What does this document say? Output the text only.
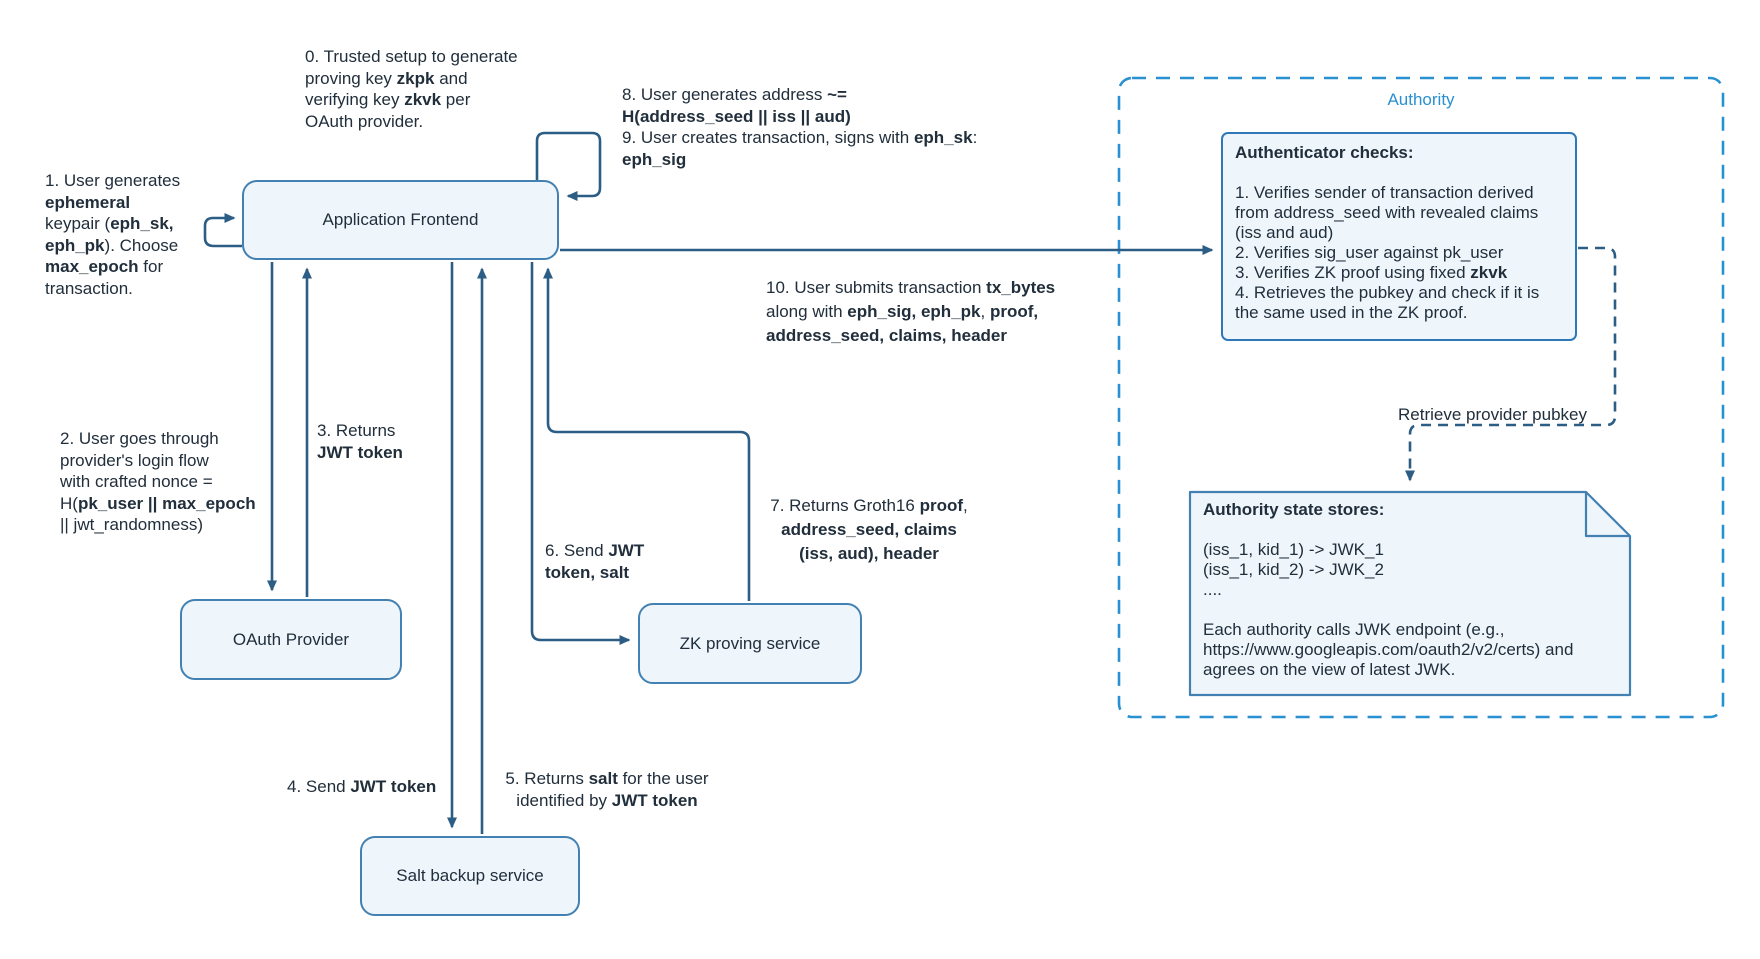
Application Frontend
OAuth Provider	ZK proving service
Salt backup service
Authority
Authenticator checks:
1. Verifies sender of transaction derived
from address_seed with revealed claims
(iss and aud)
2. Verifies sig_user against pk_user
3. Verifies ZK proof using fixed zkvk
4. Retrieves the pubkey and check if it is
the same used in the ZK proof.
Authority state stores:
(iss_1, kid_1) -> JWK_1
(iss_1, kid_2) -> JWK_2
....

Each authority calls JWK endpoint (e.g.,
https://www.googleapis.com/oauth2/v2/certs) and
agrees on the view of latest JWK.
Retrieve provider pubkey
0. Trusted setup to generate
proving key zkpk and
verifying key zkvk per
OAuth provider.
1. User generates
ephemeral
keypair (eph_sk,
eph_pk). Choose
max_epoch for
transaction.
2. User goes through
provider's login flow
with crafted nonce =
H(pk_user || max_epoch
|| jwt_randomness)
3. Returns
JWT token
4. Send JWT token	5. Returns salt for the user
identified by JWT token
6. Send JWT
token, salt
7. Returns Groth16 proof,
address_seed, claims
(iss, aud), header
8. User generates address ~=
H(address_seed || iss || aud)
9. User creates transaction, signs with eph_sk:
eph_sig
10. User submits transaction tx_bytes
along with eph_sig, eph_pk, proof,
address_seed, claims, header
